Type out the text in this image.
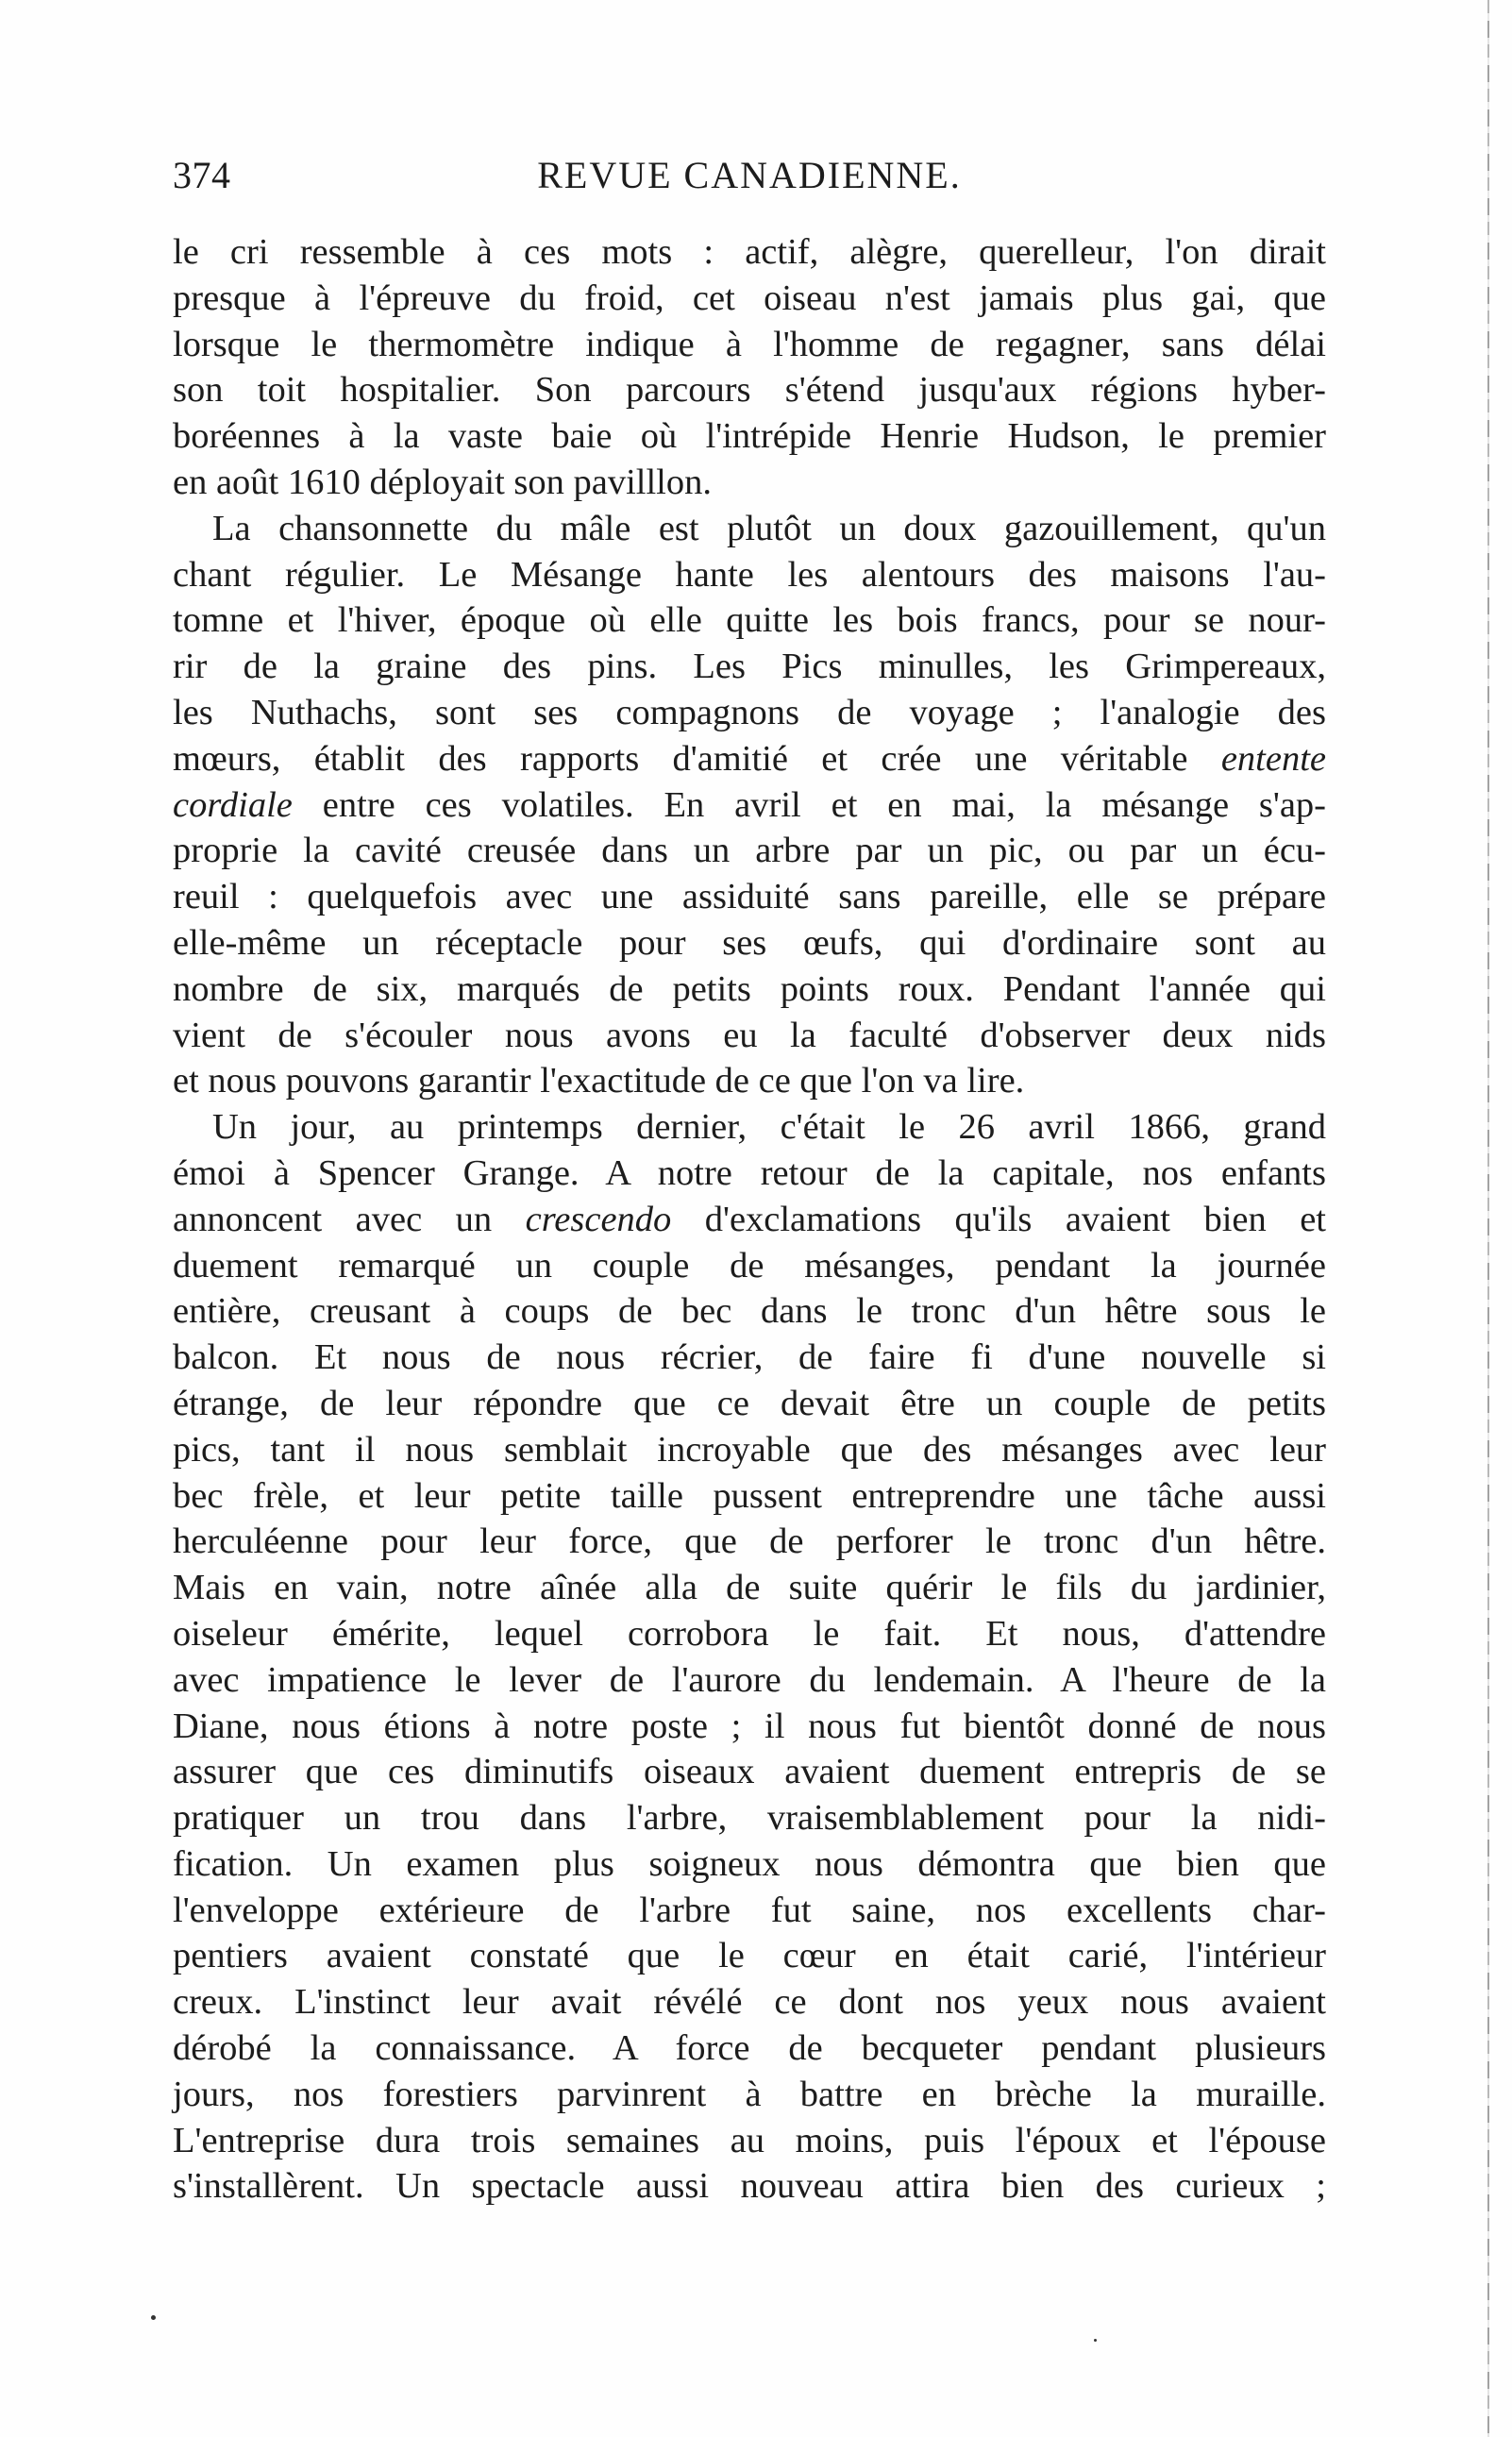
374	REVUE CANADIENNE.
le cri ressemble à ces mots : actif, alègre, querelleur, l'on dirait
presque à l'épreuve du froid, cet oiseau n'est jamais plus gai, que
lorsque le thermomètre indique à l'homme de regagner, sans délai
son toit hospitalier. Son parcours s'étend jusqu'aux régions hyber-
boréennes à la vaste baie où l'intrépide Henrie Hudson, le premier
en août 1610 déployait son pavilllon.
La chansonnette du mâle est plutôt un doux gazouillement, qu'un
chant régulier. Le Mésange hante les alentours des maisons l'au-
tomne et l'hiver, époque où elle quitte les bois francs, pour se nour-
rir de la graine des pins. Les Pics minulles, les Grimpereaux,
les Nuthachs, sont ses compagnons de voyage ; l'analogie des
mœurs, établit des rapports d'amitié et crée une véritable entente
cordiale entre ces volatiles. En avril et en mai, la mésange s'ap-
proprie la cavité creusée dans un arbre par un pic, ou par un écu-
reuil : quelquefois avec une assiduité sans pareille, elle se prépare
elle-même un réceptacle pour ses œufs, qui d'ordinaire sont au
nombre de six, marqués de petits points roux. Pendant l'année qui
vient de s'écouler nous avons eu la faculté d'observer deux nids
et nous pouvons garantir l'exactitude de ce que l'on va lire.
Un jour, au printemps dernier, c'était le 26 avril 1866, grand
émoi à Spencer Grange. A notre retour de la capitale, nos enfants
annoncent avec un crescendo d'exclamations qu'ils avaient bien et
duement remarqué un couple de mésanges, pendant la journée
entière, creusant à coups de bec dans le tronc d'un hêtre sous le
balcon. Et nous de nous récrier, de faire fi d'une nouvelle si
étrange, de leur répondre que ce devait être un couple de petits
pics, tant il nous semblait incroyable que des mésanges avec leur
bec frèle, et leur petite taille pussent entreprendre une tâche aussi
herculéenne pour leur force, que de perforer le tronc d'un hêtre.
Mais en vain, notre aînée alla de suite quérir le fils du jardinier,
oiseleur émérite, lequel corrobora le fait. Et nous, d'attendre
avec impatience le lever de l'aurore du lendemain. A l'heure de la
Diane, nous étions à notre poste ; il nous fut bientôt donné de nous
assurer que ces diminutifs oiseaux avaient duement entrepris de se
pratiquer un trou dans l'arbre, vraisemblablement pour la nidi-
fication. Un examen plus soigneux nous démontra que bien que
l'enveloppe extérieure de l'arbre fut saine, nos excellents char-
pentiers avaient constaté que le cœur en était carié, l'intérieur
creux. L'instinct leur avait révélé ce dont nos yeux nous avaient
dérobé la connaissance. A force de becqueter pendant plusieurs
jours, nos forestiers parvinrent à battre en brèche la muraille.
L'entreprise dura trois semaines au moins, puis l'époux et l'épouse
s'installèrent. Un spectacle aussi nouveau attira bien des curieux ;
